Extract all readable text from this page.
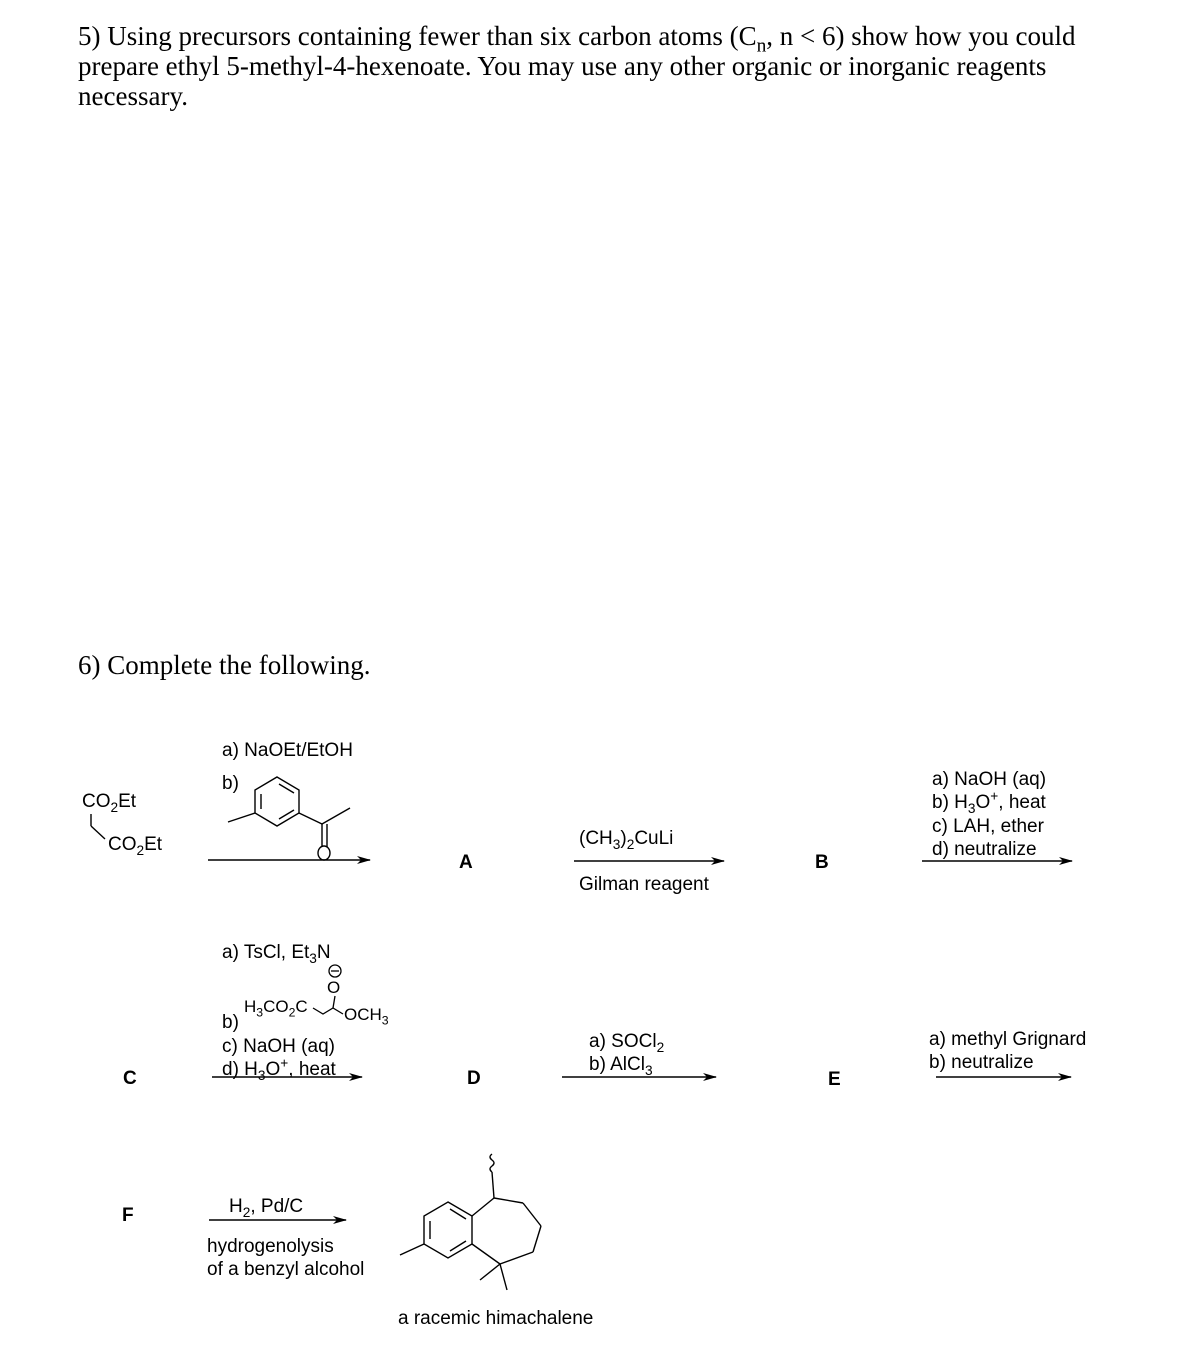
5) Using precursors containing fewer than six carbon atoms ($C_n$, n < 6) show how you could
prepare ethyl 5-methyl-4-hexenoate. You may use any other organic or inorganic reagents
necessary.
6) Complete the following.
$CO_2Et$
$CO_2Et$
a) NaOEt/EtOH
b)
A
$(CH_3)_2CuLi$
Gilman reagent
B
a) NaOH (aq)
b) $H_3O^+$, heat
c) LAH, ether
d) neutralize
C
a) TsCl, $Et_3N$
$H_3CO_2C$
O
$OCH_3$
b)
c) NaOH (aq)
d) $H_3O^+$, heat	D
a) SOCl$_2$
b) AlCl$_3$	E
a) methyl Grignard
b) neutralize
F	$H_2$, Pd/C
hydrogenolysis
of a benzyl alcohol
a racemic himachalene
